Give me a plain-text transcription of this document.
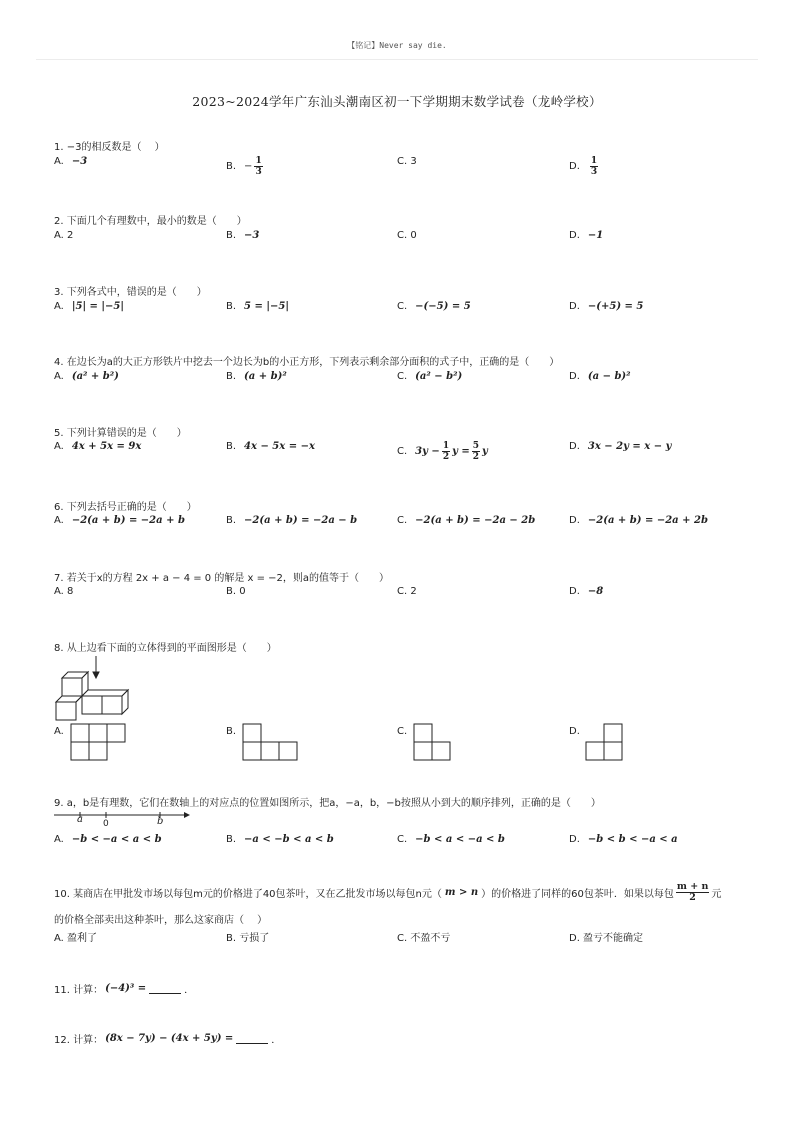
【铭记】Never say die.
2023~2024学年广东汕头潮南区初一下学期期末数学试卷（龙岭学校）
1. −3的相反数是（　 ）
A. −3	B. − $\frac{1}{3}$	C. 3	D. $\frac{1}{3}$
2. 下面几个有理数中，最小的数是（　　）
A. 2	B. −3	C. 0	D. −1
3. 下列各式中，错误的是（　　）
A. |5| = |−5|	B. 5 = |−5|	C. −(−5) = 5	D. −(+5) = 5
4. 在边长为a的大正方形铁片中挖去一个边长为b的小正方形，下列表示剩余部分面积的式子中，正确的是（　　）
A. (a² + b²)	B. (a + b)²	C. (a² − b²)	D. (a − b)²
5. 下列计算错误的是（　　）
A. 4x + 5x = 9x	B. 4x − 5x = −x	C. $3y - \frac{1}{2}$ $y = \frac{5}{2}$ y	D. 3x − 2y = x − y
6. 下列去括号正确的是（　　）
A. −2(a + b) = −2a + b	B. −2(a + b) = −2a − b	C. −2(a + b) = −2a − 2b	D. −2(a + b) = −2a + 2b
7. 若关于x的方程 2x + a − 4 = 0 的解是 x = −2，则a的值等于（　　）
A. 8	B. 0	C. 2	D. −8
8. 从上边看下面的立体得到的平面图形是（　　）
A.	B.	C.	D.
9. a，b是有理数，它们在数轴上的对应点的位置如图所示，把a，−a，b，−b按照从小到大的顺序排列，正确的是（　　）
a 0	b
A. −b < −a < a < b	B. −a < −b < a < b	C. −b < a < −a < b	D. −b < b < −a < a
10. 某商店在甲批发市场以每包m元的价格进了40包茶叶，又在乙批发市场以每包n元（ m > n ）的价格进了同样的60包茶叶．如果以每包 $\frac{m + n}{2}$ 元
的价格全部卖出这种茶叶，那么这家商店（　 ）
A. 盈利了	B. 亏损了	C. 不盈不亏	D. 盈亏不能确定
11. 计算： (−4)³ =	．
12. 计算： (8x − 7y) − (4x + 5y) =	．
